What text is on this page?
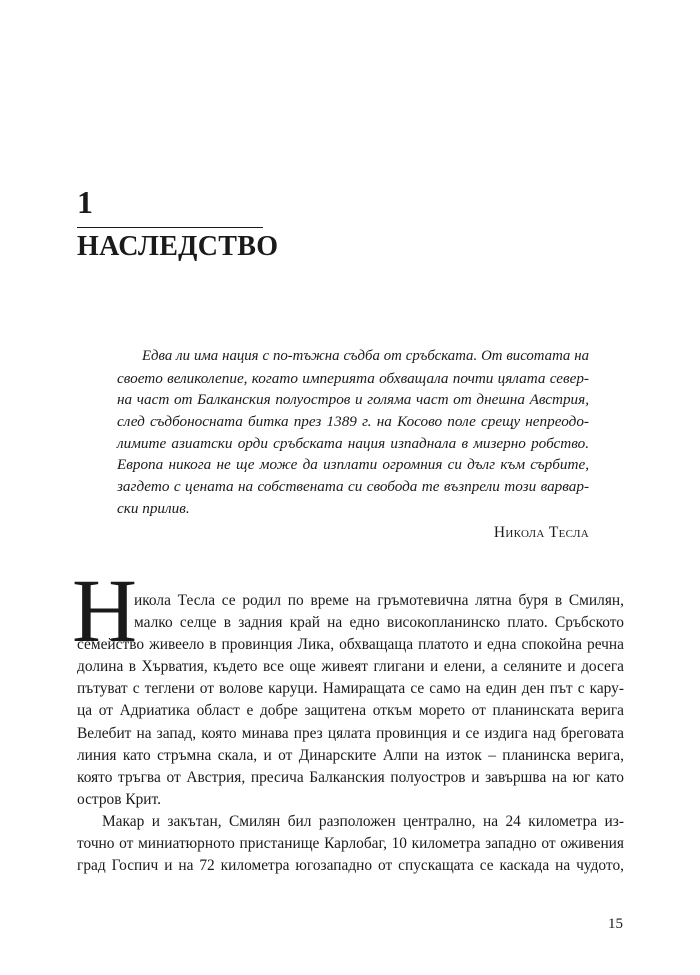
1
НАСЛЕДСТВО
Едва ли има нация с по-тъжна съдба от сръбската. От висотата на
своето великолепие, когато империята обхващала почти цялата север-
на част от Балканския полуостров и голяма част от днешна Австрия,
след съдбоносната битка през 1389 г. на Косово поле срещу непреодо-
лимите азиатски орди сръбската нация изпаднала в мизерно робство.
Европа никога не ще може да изплати огромния си дълг към сърбите,
загдето с цената на собствената си свобода те възпрели този варвар-
ски прилив.
Никола Тесла
Н
икола Тесла се родил по време на гръмотевична лятна буря в Смилян,
малко селце в задния край на едно високопланинско плато. Сръбското
семейство живеело в провинция Лика, обхващаща платото и една спокойна речна
долина в Хърватия, където все още живеят глигани и елени, а селяните и досега
пътуват с теглени от волове каруци. Намиращата се само на един ден път с кару-
ца от Адриатика област е добре защитена откъм морето от планинската верига
Велебит на запад, която минава през цялата провинция и се издига над бреговата
линия като стръмна скала, и от Динарските Алпи на изток – планинска верига,
която тръгва от Австрия, пресича Балканския полуостров и завършва на юг като
остров Крит.
Макар и закътан, Смилян бил разположен централно, на 24 километра из-
точно от миниатюрното пристанище Карлобаг, 10 километра западно от оживения
град Госпич и на 72 километра югозападно от спускащата се каскада на чудото,
15
